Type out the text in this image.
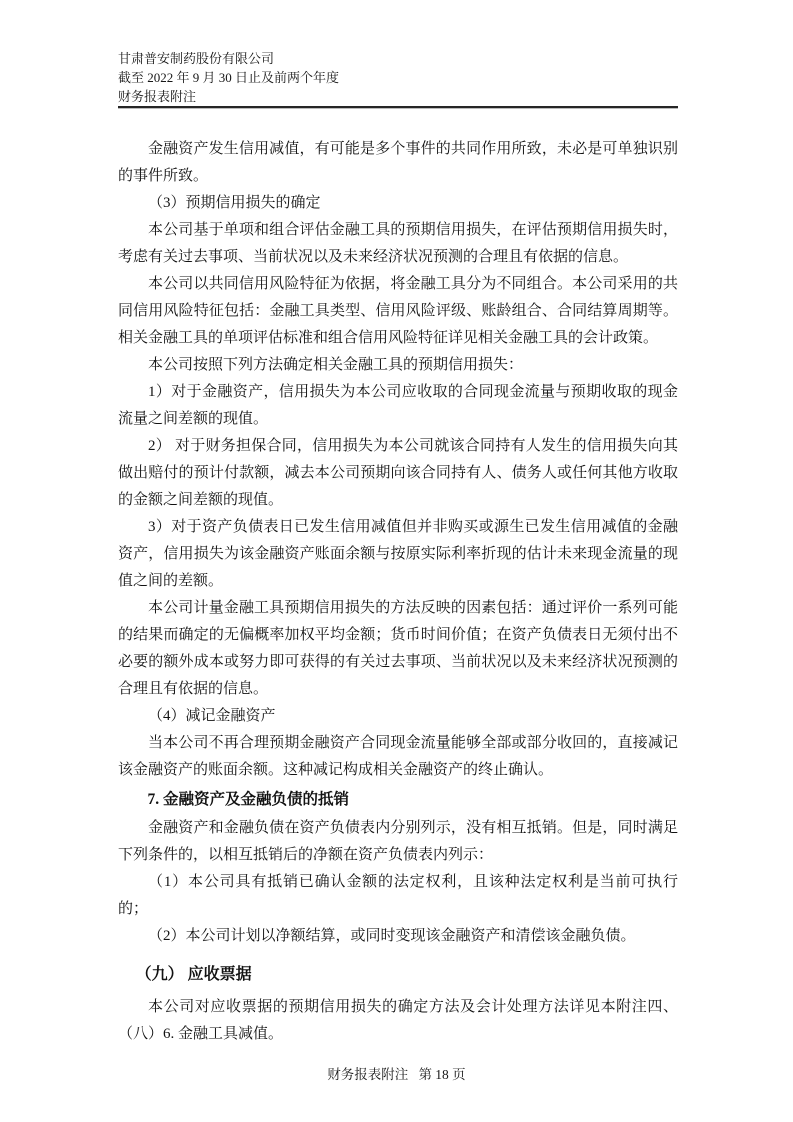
甘肃普安制药股份有限公司
截至 2022 年 9 月 30 日止及前两个年度
财务报表附注

金融资产发生信用减值，有可能是多个事件的共同作用所致，未必是可单独识别的事件所致。

（3）预期信用损失的确定

本公司基于单项和组合评估金融工具的预期信用损失，在评估预期信用损失时，考虑有关过去事项、当前状况以及未来经济状况预测的合理且有依据的信息。

本公司以共同信用风险特征为依据，将金融工具分为不同组合。本公司采用的共同信用风险特征包括：金融工具类型、信用风险评级、账龄组合、合同结算周期等。相关金融工具的单项评估标准和组合信用风险特征详见相关金融工具的会计政策。

本公司按照下列方法确定相关金融工具的预期信用损失：

1）对于金融资产，信用损失为本公司应收取的合同现金流量与预期收取的现金流量之间差额的现值。

2） 对于财务担保合同，信用损失为本公司就该合同持有人发生的信用损失向其做出赔付的预计付款额，减去本公司预期向该合同持有人、债务人或任何其他方收取的金额之间差额的现值。

3）对于资产负债表日已发生信用减值但并非购买或源生已发生信用减值的金融资产，信用损失为该金融资产账面余额与按原实际利率折现的估计未来现金流量的现值之间的差额。

本公司计量金融工具预期信用损失的方法反映的因素包括：通过评价一系列可能的结果而确定的无偏概率加权平均金额；货币时间价值；在资产负债表日无须付出不必要的额外成本或努力即可获得的有关过去事项、当前状况以及未来经济状况预测的合理且有依据的信息。

（4）减记金融资产

当本公司不再合理预期金融资产合同现金流量能够全部或部分收回的，直接减记该金融资产的账面余额。这种减记构成相关金融资产的终止确认。

7. 金融资产及金融负债的抵销

金融资产和金融负债在资产负债表内分别列示，没有相互抵销。但是，同时满足下列条件的，以相互抵销后的净额在资产负债表内列示：

（1）本公司具有抵销已确认金额的法定权利，且该种法定权利是当前可执行的；

（2）本公司计划以净额结算，或同时变现该金融资产和清偿该金融负债。

（九） 应收票据

本公司对应收票据的预期信用损失的确定方法及会计处理方法详见本附注四、（八）6. 金融工具减值。

财务报表附注 第 18 页
